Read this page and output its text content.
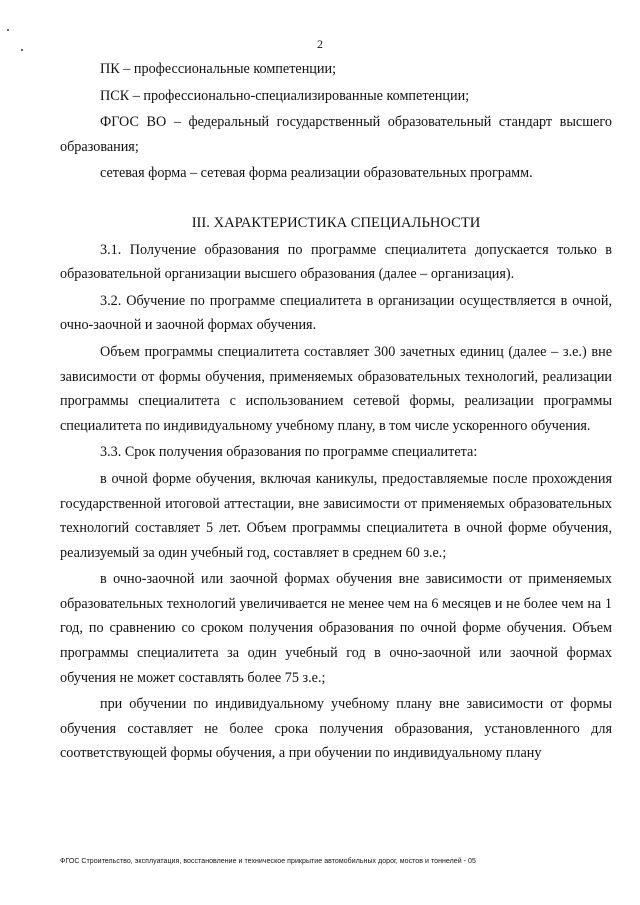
2

ПК – профессиональные компетенции;

ПСК – профессионально-специализированные компетенции;

ФГОС ВО – федеральный государственный образовательный стандарт высшего образования;

сетевая форма – сетевая форма реализации образовательных программ.

III. ХАРАКТЕРИСТИКА СПЕЦИАЛЬНОСТИ

3.1. Получение образования по программе специалитета допускается только в образовательной организации высшего образования (далее – организация).

3.2. Обучение по программе специалитета в организации осуществляется в очной, очно-заочной и заочной формах обучения.

Объем программы специалитета составляет 300 зачетных единиц (далее – з.е.) вне зависимости от формы обучения, применяемых образовательных технологий, реализации программы специалитета с использованием сетевой формы, реализации программы специалитета по индивидуальному учебному плану, в том числе ускоренного обучения.

3.3. Срок получения образования по программе специалитета:

в очной форме обучения, включая каникулы, предоставляемые после прохождения государственной итоговой аттестации, вне зависимости от применяемых образовательных технологий составляет 5 лет. Объем программы специалитета в очной форме обучения, реализуемый за один учебный год, составляет в среднем 60 з.е.;

в очно-заочной или заочной формах обучения вне зависимости от применяемых образовательных технологий увеличивается не менее чем на 6 месяцев и не более чем на 1 год, по сравнению со сроком получения образования по очной форме обучения. Объем программы специалитета за один учебный год в очно-заочной или заочной формах обучения не может составлять более 75 з.е.;

при обучении по индивидуальному учебному плану вне зависимости от формы обучения составляет не более срока получения образования, установленного для соответствующей формы обучения, а при обучении по индивидуальному плану

ФГОС Строительство, эксплуатация, восстановление и техническое прикрытие автомобильных дорог, мостов и тоннелей - 05
